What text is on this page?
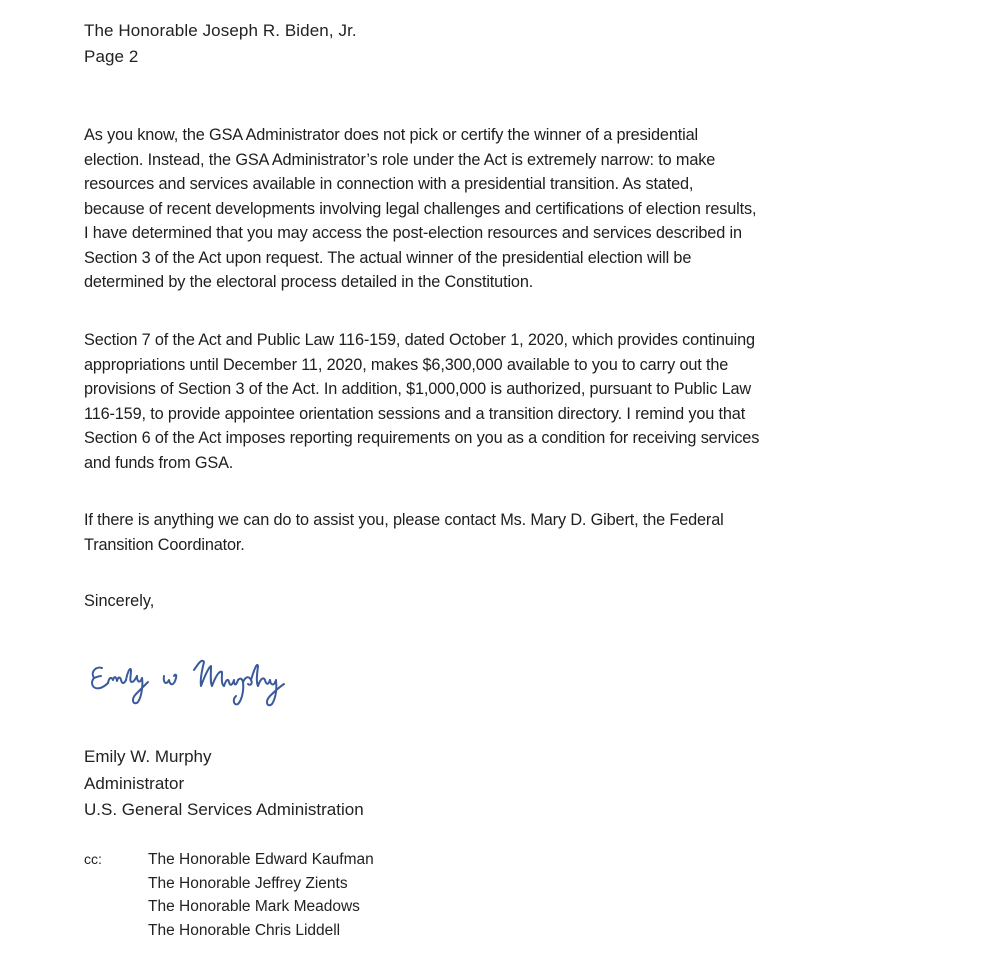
The Honorable Joseph R. Biden, Jr.
Page 2
As you know, the GSA Administrator does not pick or certify the winner of a presidential
election. Instead, the GSA Administrator’s role under the Act is extremely narrow: to make
resources and services available in connection with a presidential transition. As stated,
because of recent developments involving legal challenges and certifications of election results,
I have determined that you may access the post-election resources and services described in
Section 3 of the Act upon request. The actual winner of the presidential election will be
determined by the electoral process detailed in the Constitution.
Section 7 of the Act and Public Law 116-159, dated October 1, 2020, which provides continuing
appropriations until December 11, 2020, makes $6,300,000 available to you to carry out the
provisions of Section 3 of the Act. In addition, $1,000,000 is authorized, pursuant to Public Law
116-159, to provide appointee orientation sessions and a transition directory. I remind you that
Section 6 of the Act imposes reporting requirements on you as a condition for receiving services
and funds from GSA.
If there is anything we can do to assist you, please contact Ms. Mary D. Gibert, the Federal
Transition Coordinator.
Sincerely,
Emily W. Murphy
Administrator
U.S. General Services Administration
cc:	The Honorable Edward Kaufman
The Honorable Jeffrey Zients
The Honorable Mark Meadows
The Honorable Chris Liddell
